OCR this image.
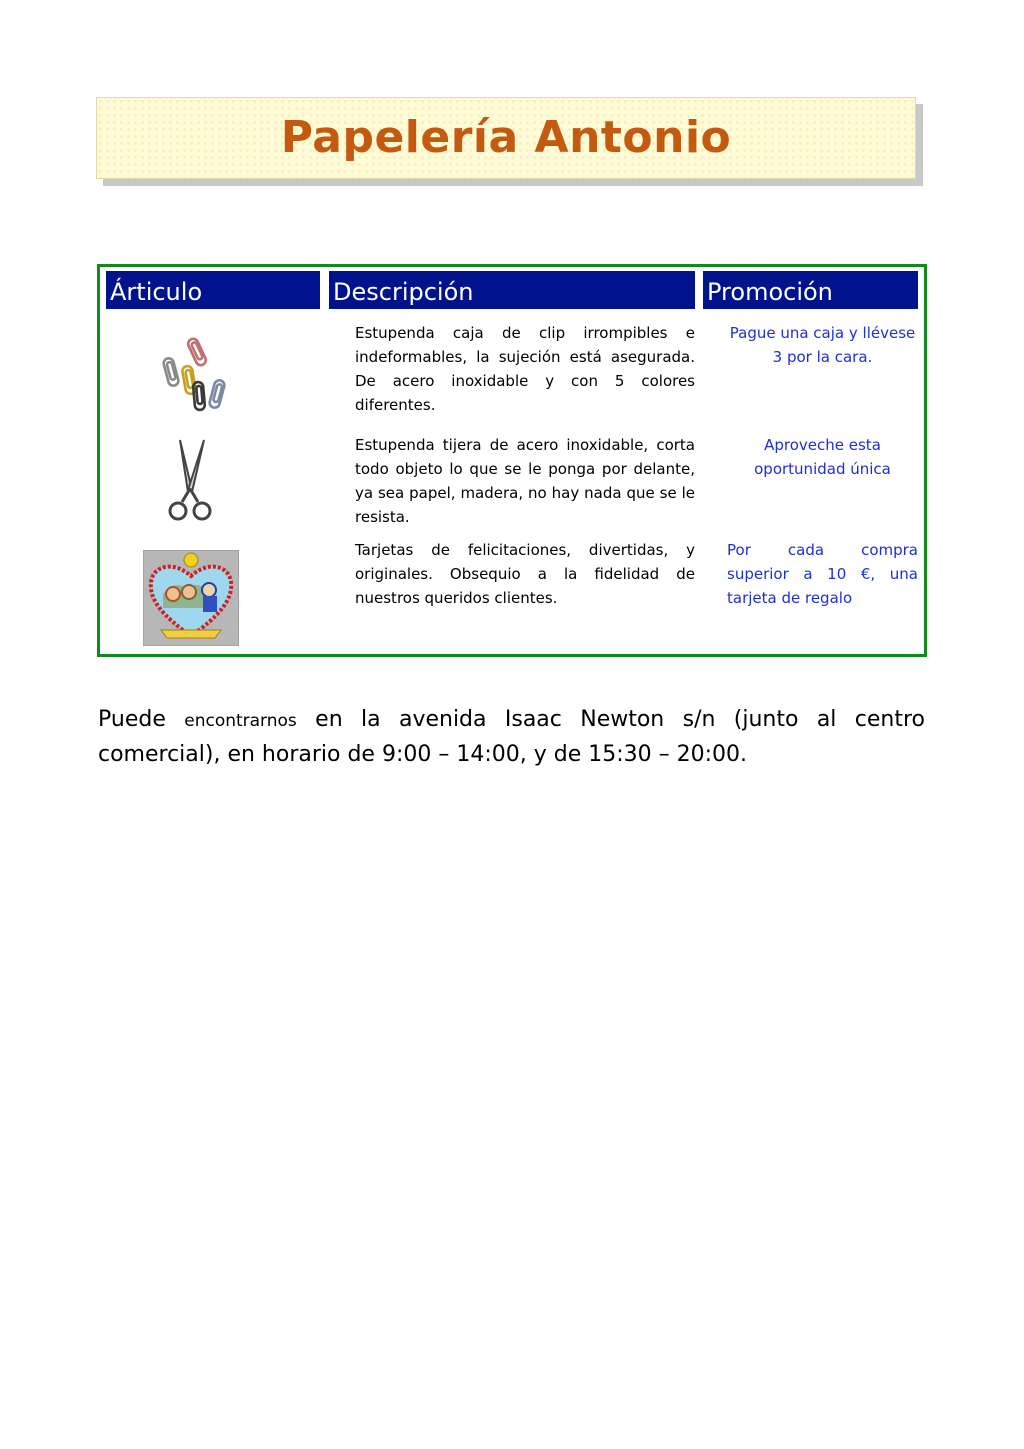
Papelería Antonio
Árticulo	Descripción	Promoción
Estupenda caja de clip irrompibles e indeformables, la sujeción está asegurada. De acero inoxidable y con 5 colores diferentes.
Pague una caja y llévese 3 por la cara.
Estupenda tijera de acero inoxidable, corta todo objeto lo que se le ponga por delante, ya sea papel, madera, no hay nada que se le resista.
Aproveche esta oportunidad única
Tarjetas de felicitaciones, divertidas, y originales. Obsequio a la fidelidad de nuestros queridos clientes.
Por cada compra superior a 10 €, una tarjeta de regalo
Puede encontrarnos en la avenida Isaac Newton s/n (junto al centro comercial), en horario de 9:00 – 14:00, y de 15:30 – 20:00.
